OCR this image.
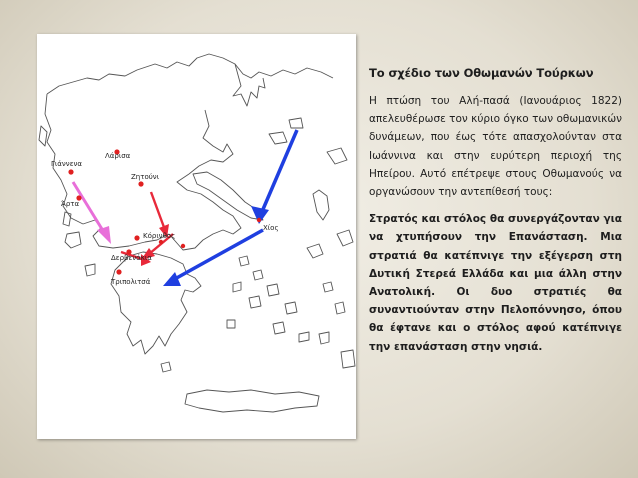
Γιάννενα
Λάρισα
Άρτα
Ζητούνι
Χίος
Κόρινθος
Δερβενάκια
Τριπολιτσά

Το σχέδιο των Οθωμανών Τούρκων

Η πτώση του Αλή-πασά (Ιανουάριος 1822) απελευθέρωσε τον κύριο όγκο των οθωμανικών δυνάμεων, που έως τότε απασχολούνταν στα Ιωάννινα και στην ευρύτερη περιοχή της Ηπείρου. Αυτό επέτρεψε στους Οθωμανούς να οργανώσουν την αντεπίθεσή τους:

Στρατός και στόλος θα συνεργάζονταν για να χτυπήσουν την Επανάσταση. Μια στρατιά θα κατέπνιγε την εξέγερση στη Δυτική Στερεά Ελλάδα και μια άλλη στην Ανατολική. Οι δυο στρατιές θα συναντιούνταν στην Πελοπόννησο, όπου θα έφτανε και ο στόλος αφού κατέπνιγε την επανάσταση στην νησιά.
